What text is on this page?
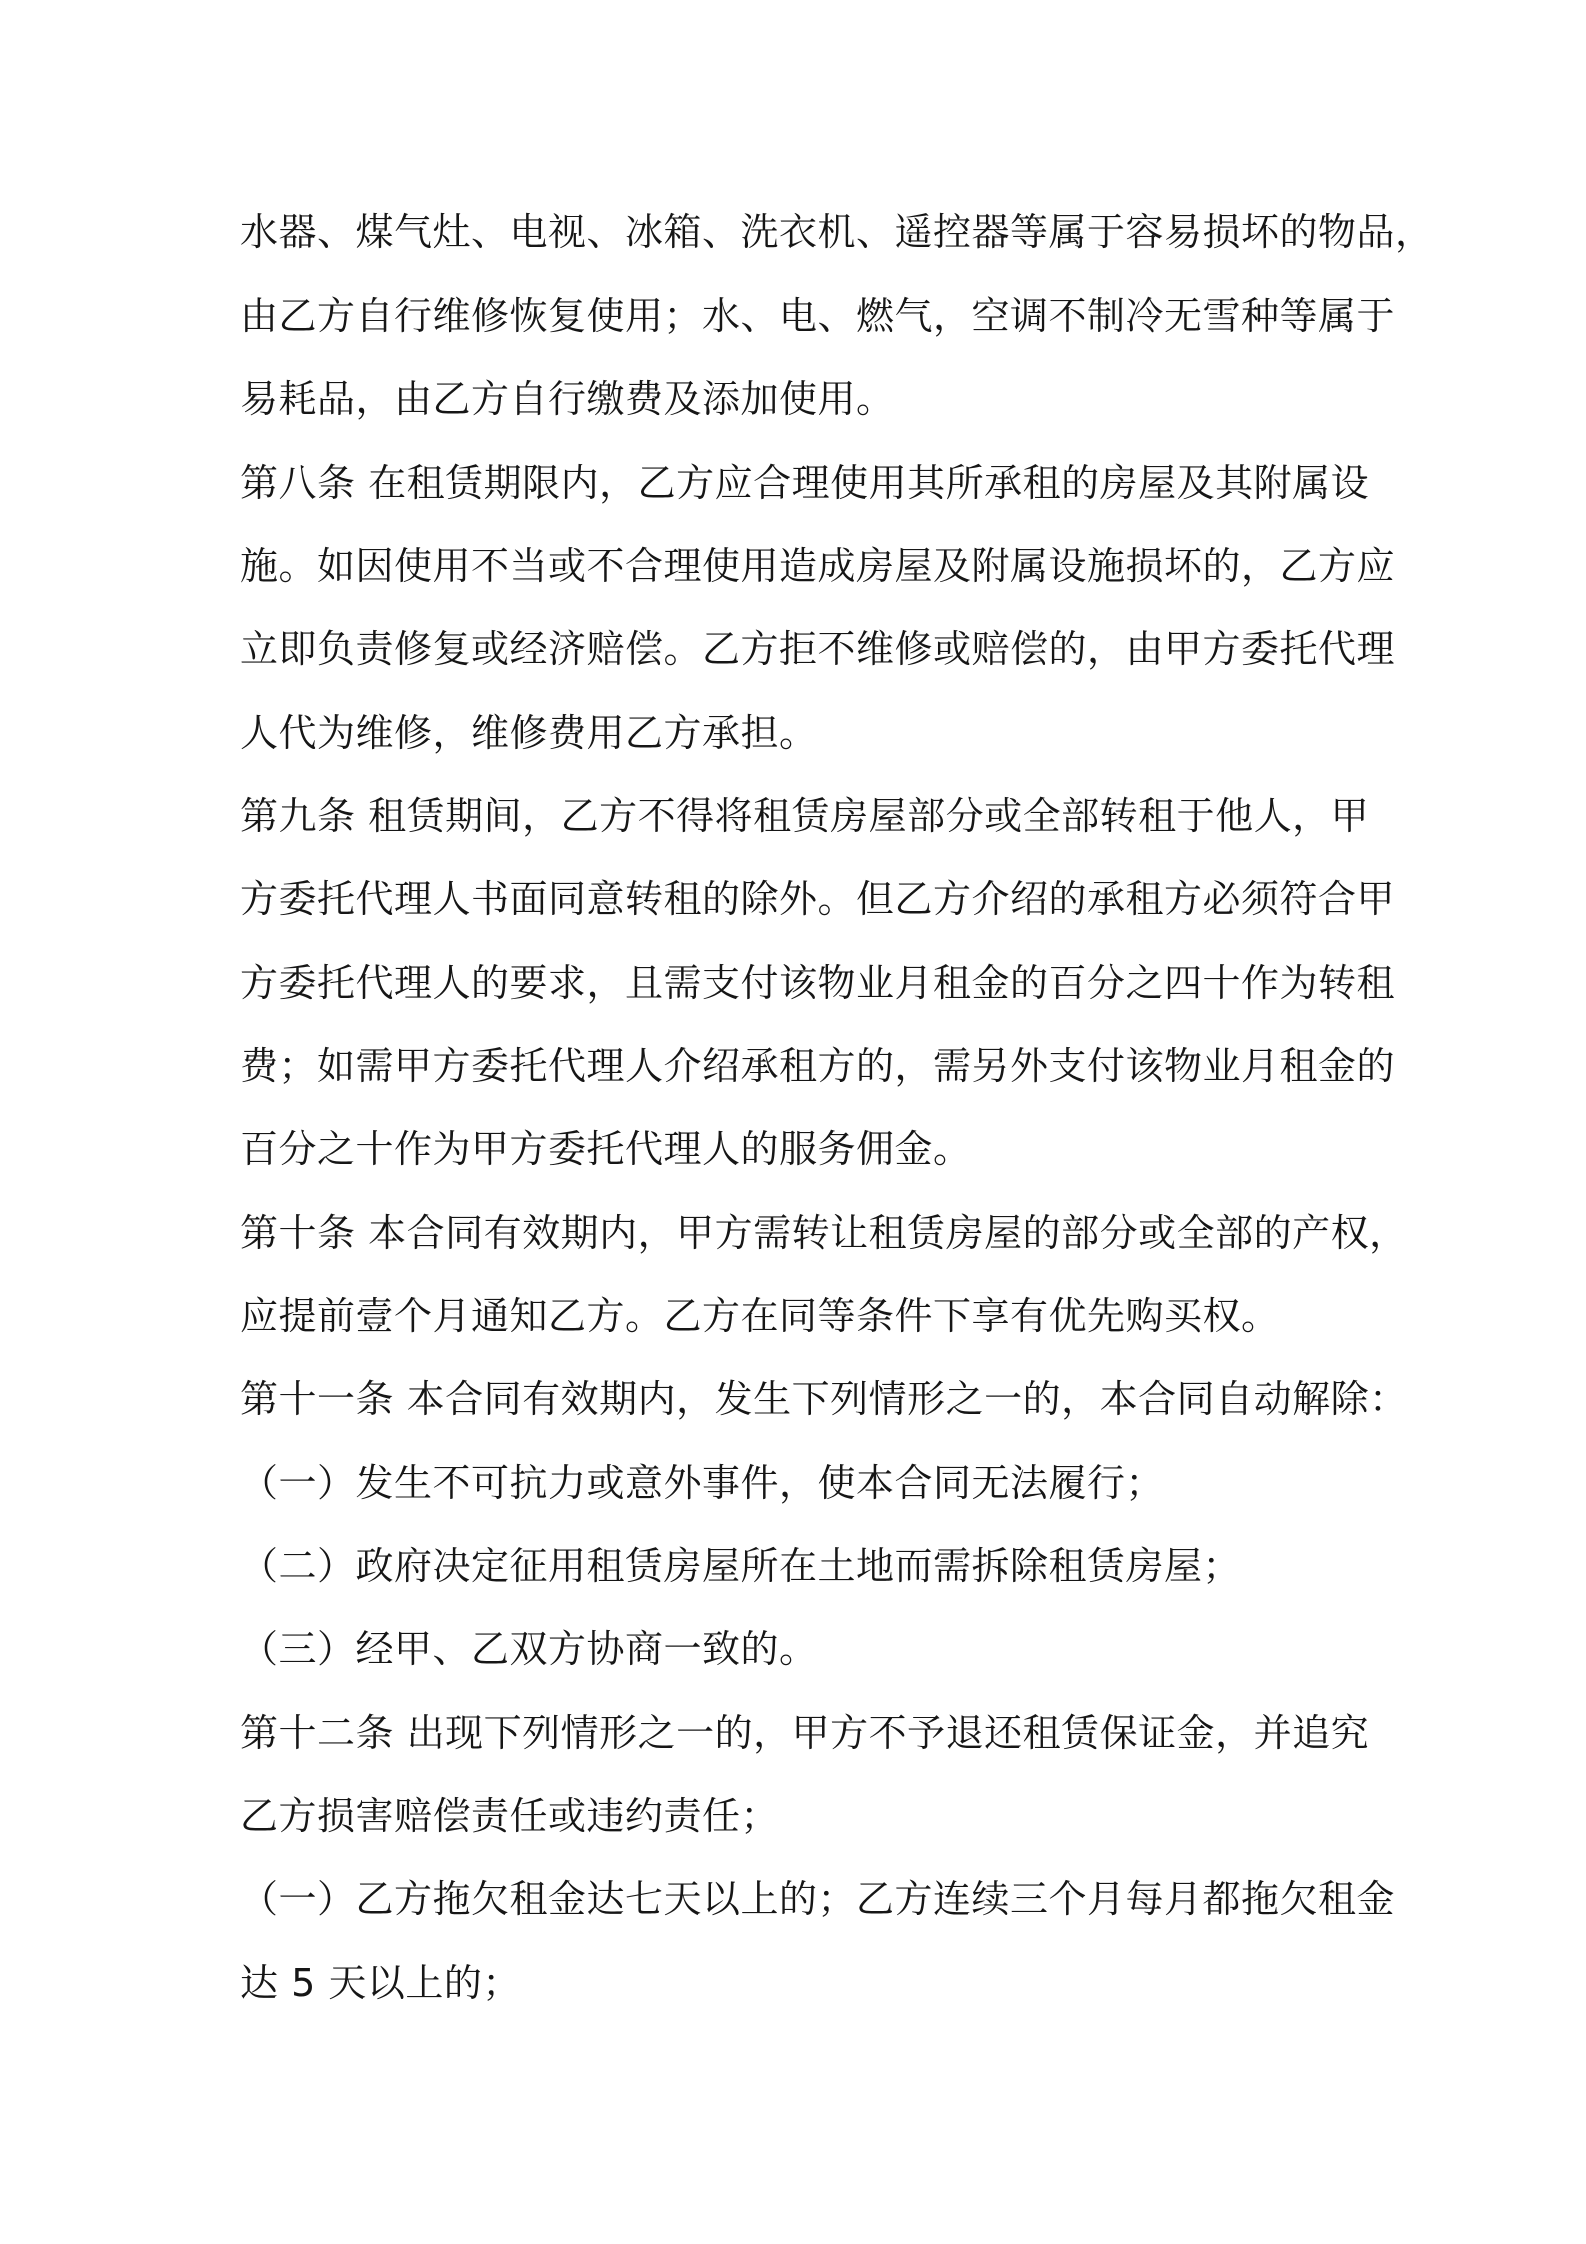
水器、煤气灶、电视、冰箱、洗衣机、遥控器等属于容易损坏的物品，
由乙方自行维修恢复使用；水、电、燃气，空调不制冷无雪种等属于
易耗品，由乙方自行缴费及添加使用。
第八条 在租赁期限内，乙方应合理使用其所承租的房屋及其附属设
施。如因使用不当或不合理使用造成房屋及附属设施损坏的，乙方应
立即负责修复或经济赔偿。乙方拒不维修或赔偿的，由甲方委托代理
人代为维修，维修费用乙方承担。
第九条 租赁期间，乙方不得将租赁房屋部分或全部转租于他人，甲
方委托代理人书面同意转租的除外。但乙方介绍的承租方必须符合甲
方委托代理人的要求，且需支付该物业月租金的百分之四十作为转租
费；如需甲方委托代理人介绍承租方的，需另外支付该物业月租金的
百分之十作为甲方委托代理人的服务佣金。
第十条 本合同有效期内，甲方需转让租赁房屋的部分或全部的产权，
应提前壹个月通知乙方。乙方在同等条件下享有优先购买权。
第十一条 本合同有效期内，发生下列情形之一的，本合同自动解除：
（一）发生不可抗力或意外事件，使本合同无法履行；
（二）政府决定征用租赁房屋所在土地而需拆除租赁房屋；
（三）经甲、乙双方协商一致的。
第十二条 出现下列情形之一的，甲方不予退还租赁保证金，并追究
乙方损害赔偿责任或违约责任；
（一）乙方拖欠租金达七天以上的；乙方连续三个月每月都拖欠租金
达 5 天以上的；
